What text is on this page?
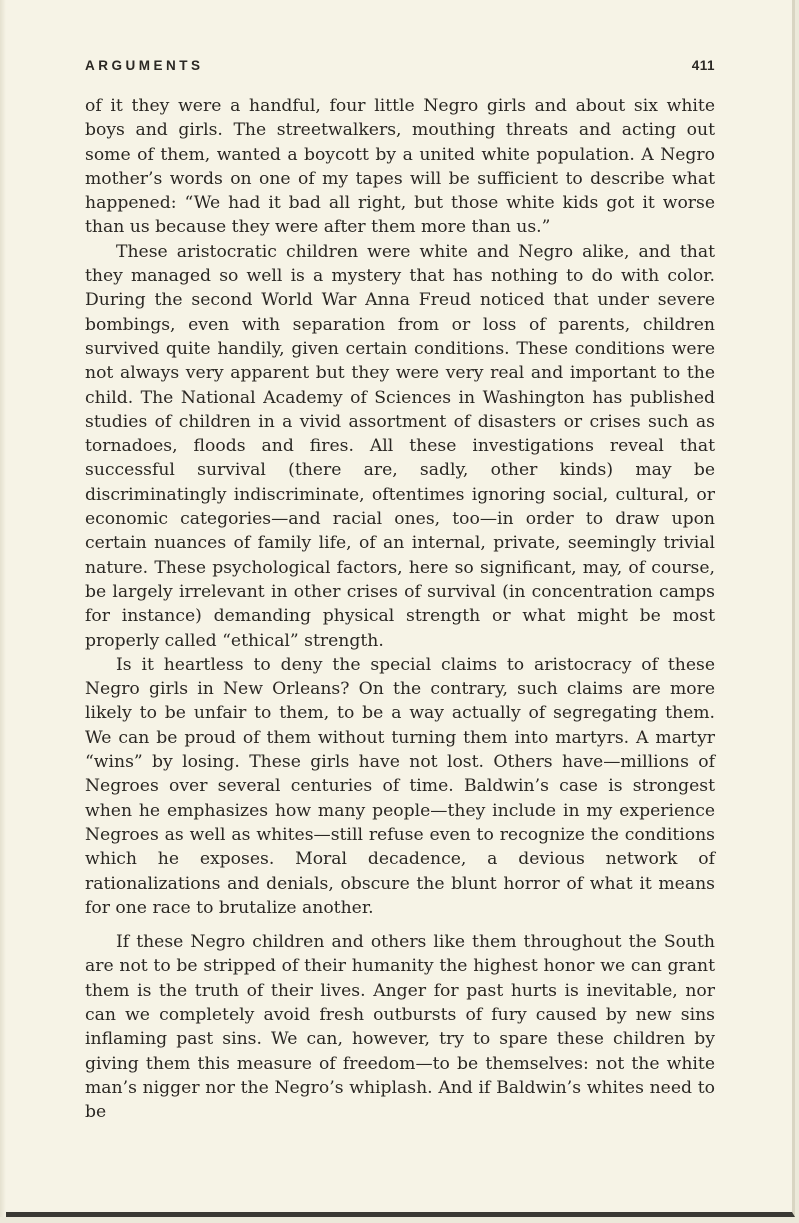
ARGUMENTS	411

of it they were a handful, four little Negro girls and about six white boys and girls. The streetwalkers, mouthing threats and acting out some of them, wanted a boycott by a united white population. A Negro mother’s words on one of my tapes will be sufficient to describe what happened: “We had it bad all right, but those white kids got it worse than us because they were after them more than us.”

These aristocratic children were white and Negro alike, and that they managed so well is a mystery that has nothing to do with color. During the second World War Anna Freud noticed that under severe bombings, even with separation from or loss of parents, children survived quite handily, given certain conditions. These conditions were not always very apparent but they were very real and important to the child. The National Academy of Sciences in Washington has published studies of children in a vivid assortment of disasters or crises such as tornadoes, floods and fires. All these investigations reveal that successful survival (there are, sadly, other kinds) may be discriminatingly indiscriminate, oftentimes ignoring social, cultural, or economic categories—and racial ones, too—in order to draw upon certain nuances of family life, of an internal, private, seemingly trivial nature. These psychological factors, here so significant, may, of course, be largely irrelevant in other crises of survival (in concentration camps for instance) demanding physical strength or what might be most properly called “ethical” strength.

Is it heartless to deny the special claims to aristocracy of these Negro girls in New Orleans? On the contrary, such claims are more likely to be unfair to them, to be a way actually of segregating them. We can be proud of them without turning them into martyrs. A martyr “wins” by losing. These girls have not lost. Others have—millions of Negroes over several centuries of time. Baldwin’s case is strongest when he emphasizes how many people—they include in my experience Negroes as well as whites—still refuse even to recognize the conditions which he exposes. Moral decadence, a devious network of rationalizations and denials, obscure the blunt horror of what it means for one race to brutalize another.

If these Negro children and others like them throughout the South are not to be stripped of their humanity the highest honor we can grant them is the truth of their lives. Anger for past hurts is inevitable, nor can we completely avoid fresh outbursts of fury caused by new sins inflaming past sins. We can, however, try to spare these children by giving them this measure of freedom—to be themselves: not the white man’s nigger nor the Negro’s whiplash. And if Baldwin’s whites need to be
